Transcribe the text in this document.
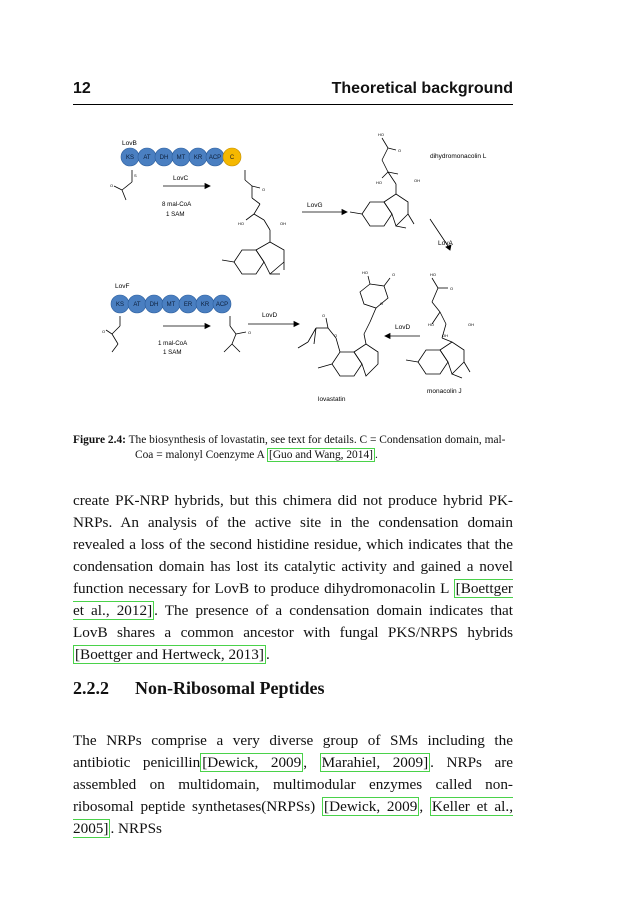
12	Theoretical background
LovB
KS AT DH MT KR ACP C
LovF
KS AT DH MT ER KR ACP
O
S
O
LovC
8 mal-CoA
1 SAM
LovG
LovA
1 mal-CoA
1 SAM
LovD
LovD
dihydromonacolin L
monacolin J
lovastatin
O
HO	OH
HO
O
HO	OH
HO
O
HO	OH
OH
O
HO	O
O
O
O
Figure 2.4: The biosynthesis of lovastatin, see text for details. C = Condensation domain, mal-Coa = malonyl Coenzyme A [Guo and Wang, 2014] .
create PK-NRP hybrids, but this chimera did not produce hybrid PK-NRPs. An analysis of the active site in the condensation domain revealed a loss of the second histidine residue, which indicates that the condensation domain has lost its catalytic activity and gained a novel function necessary for LovB to produce dihydromonacolin L [Boettger et al., 2012] . The presence of a condensation domain indicates that LovB shares a common ancestor with fungal PKS/NRPS hybrids [Boettger and Hertweck, 2013] .
2.2.2 Non-Ribosomal Peptides
The NRPs comprise a very diverse group of SMs including the antibiotic penicillin [Dewick, 2009 , Marahiel, 2009] . NRPs are assembled on multidomain, multimodular enzymes called non-ribosomal peptide synthetases(NRPSs) [Dewick, 2009 , Keller et al., 2005] . NRPSs
